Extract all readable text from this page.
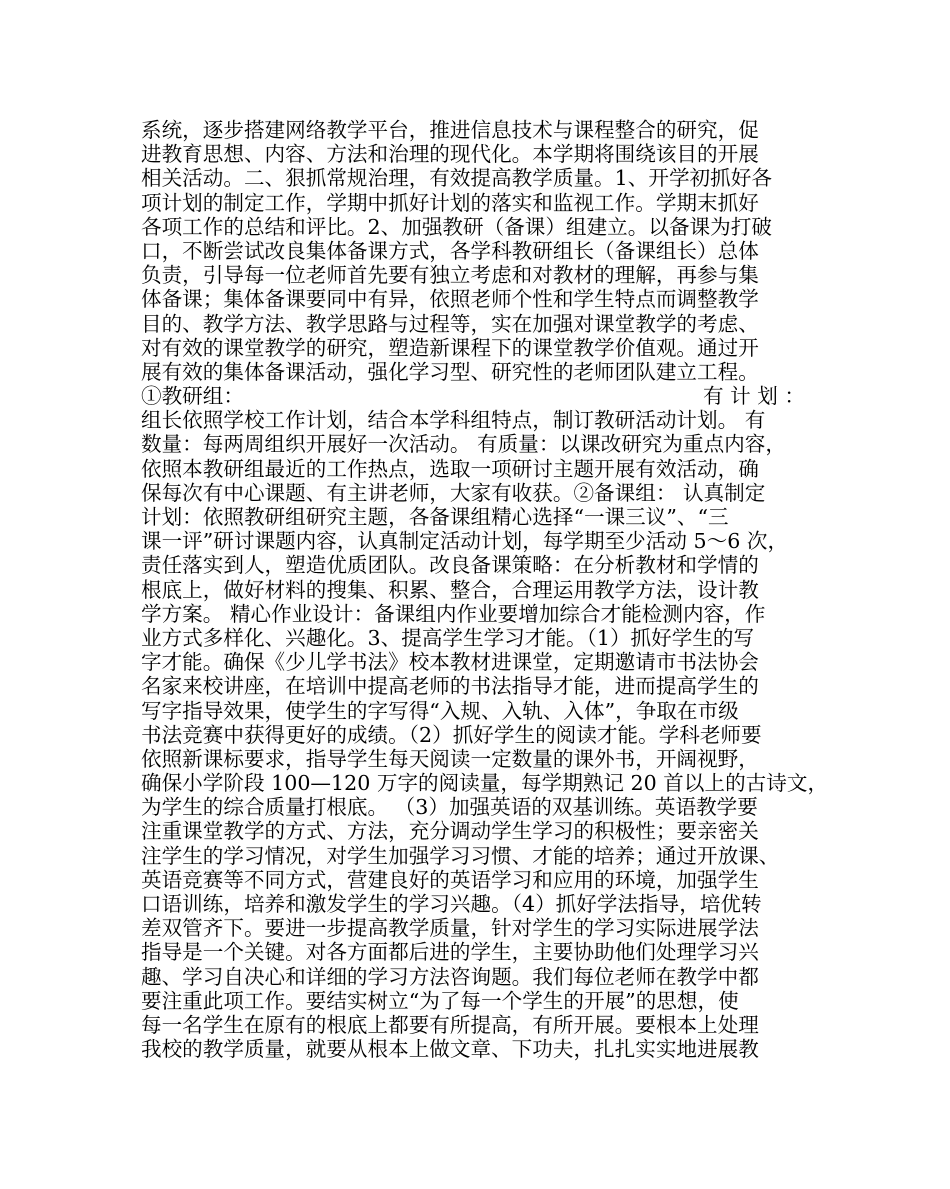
系统，逐步搭建网络教学平台，推进信息技术与课程整合的研究，促
进教育思想、内容、方法和治理的现代化。本学期将围绕该目的开展
相关活动。二、狠抓常规治理，有效提高教学质量。1、开学初抓好各
项计划的制定工作，学期中抓好计划的落实和监视工作。学期末抓好
各项工作的总结和评比。2、加强教研（备课）组建立。以备课为打破
口，不断尝试改良集体备课方式，各学科教研组长（备课组长）总体
负责，引导每一位老师首先要有独立考虑和对教材的理解，再参与集
体备课；集体备课要同中有异，依照老师个性和学生特点而调整教学
目的、教学方法、教学思路与过程等，实在加强对课堂教学的考虑、
对有效的课堂教学的研究，塑造新课程下的课堂教学价值观。通过开
展有效的集体备课活动，强化学习型、研究性的老师团队建立工程。
①教研组：	有 计 划 ：
组长依照学校工作计划，结合本学科组特点，制订教研活动计划。 有
数量：每两周组织开展好一次活动。 有质量：以课改研究为重点内容，
依照本教研组最近的工作热点，选取一项研讨主题开展有效活动，确
保每次有中心课题、有主讲老师，大家有收获。②备课组： 认真制定
计划：依照教研组研究主题，各备课组精心选择“一课三议”、“三
课一评”研讨课题内容，认真制定活动计划，每学期至少活动 5～6 次，
责任落实到人，塑造优质团队。改良备课策略：在分析教材和学情的
根底上，做好材料的搜集、积累、整合，合理运用教学方法，设计教
学方案。 精心作业设计：备课组内作业要增加综合才能检测内容，作
业方式多样化、兴趣化。3、提高学生学习才能。（1）抓好学生的写
字才能。确保《少儿学书法》校本教材进课堂，定期邀请市书法协会
名家来校讲座，在培训中提高老师的书法指导才能，进而提高学生的
写字指导效果，使学生的字写得“入规、入轨、入体”，争取在市级
书法竞赛中获得更好的成绩。（2）抓好学生的阅读才能。学科老师要
依照新课标要求，指导学生每天阅读一定数量的课外书，开阔视野，
确保小学阶段 100—120 万字的阅读量，每学期熟记 20 首以上的古诗文，
为学生的综合质量打根底。 （3）加强英语的双基训练。英语教学要
注重课堂教学的方式、方法，充分调动学生学习的积极性；要亲密关
注学生的学习情况，对学生加强学习习惯、才能的培养；通过开放课、
英语竞赛等不同方式，营建良好的英语学习和应用的环境，加强学生
口语训练，培养和激发学生的学习兴趣。（4）抓好学法指导，培优转
差双管齐下。要进一步提高教学质量，针对学生的学习实际进展学法
指导是一个关键。对各方面都后进的学生，主要协助他们处理学习兴
趣、学习自决心和详细的学习方法咨询题。我们每位老师在教学中都
要注重此项工作。要结实树立“为了每一个学生的开展”的思想，使
每一名学生在原有的根底上都要有所提高，有所开展。要根本上处理
我校的教学质量，就要从根本上做文章、下功夫，扎扎实实地进展教
